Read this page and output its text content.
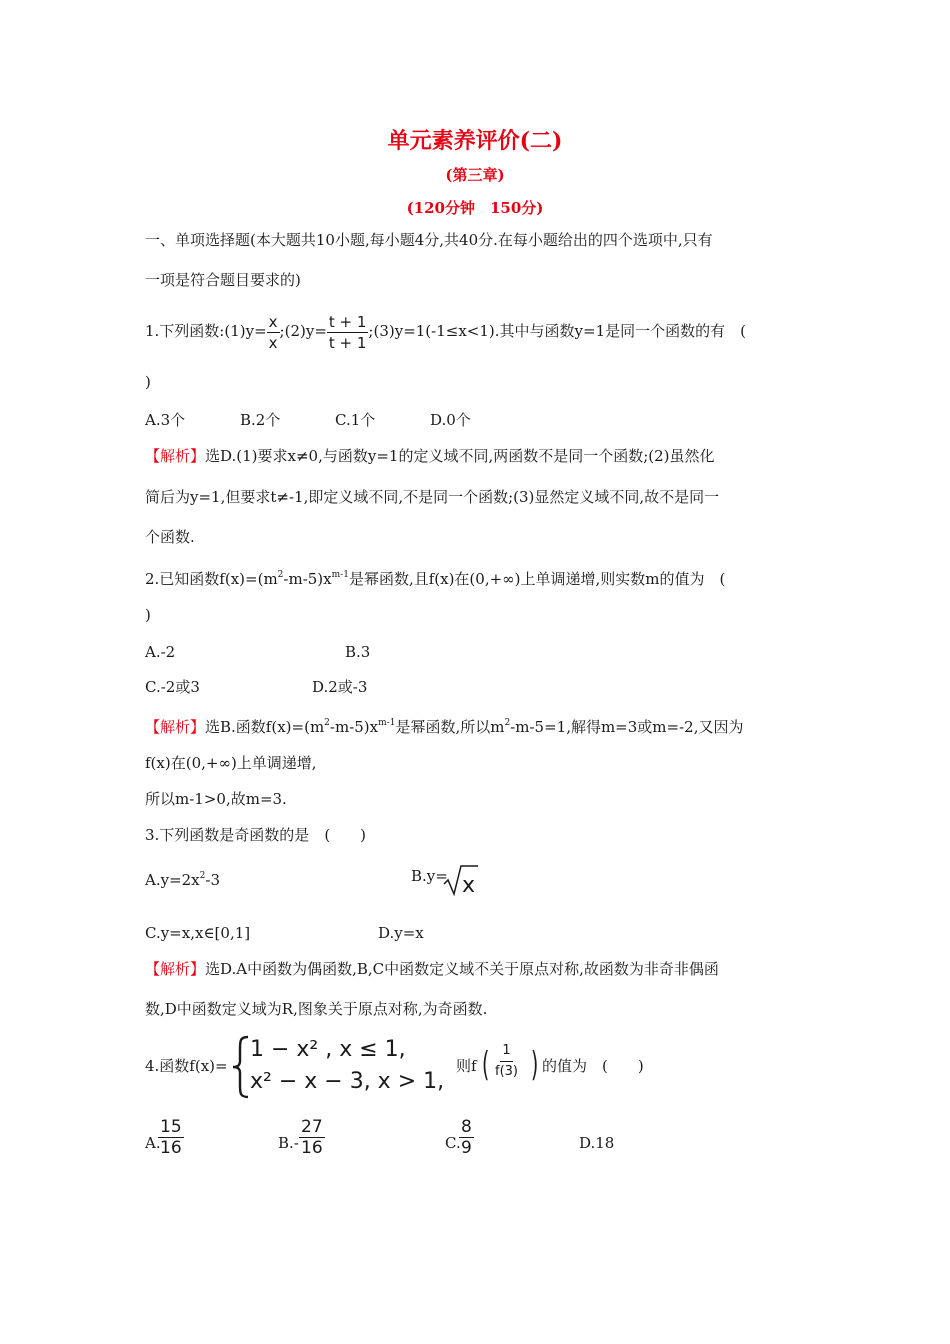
单元素养评价(二)
(第三章)
(120分钟　150分)
一、单项选择题(本大题共10小题,每小题4分,共40分.在每小题给出的四个选项中,只有
一项是符合题目要求的)
1.下列函数:(1)y= $\frac{x}{x}$ ;(2)y= $\frac{t + 1}{t + 1}$ ;(3)y=1(-1≤x<1).其中与函数y=1是同一个函数的有　(
)
A.3个	B.2个	C.1个	D.0个
【解析】选D.(1)要求x≠0,与函数y=1的定义域不同,两函数不是同一个函数;(2)虽然化
简后为y=1,但要求t≠-1,即定义域不同,不是同一个函数;(3)显然定义域不同,故不是同一
个函数.
2.已知函数$f(x)=(m^2-m-5)x^{m-1}$是幂函数,且f(x)在(0,+∞)上单调递增,则实数m的值为　(
)
A.-2	B.3
C.-2或3	D.2或-3
【解析】选B.函数$f(x)=(m^2-m-5)x^{m-1}$是幂函数,所以$m^2-m-5=1$,解得m=3或m=-2,又因为
f(x)在(0,+∞)上单调递增,
所以m-1>0,故m=3.
3.下列函数是奇函数的是　(　　)
$A.y=2x^2-3$	B.y= x
C.y=x,x∈[0,1]	D.y=x
【解析】选D.A中函数为偶函数,B,C中函数定义域不关于原点对称,故函数为非奇非偶函
数,D中函数定义域为R,图象关于原点对称,为奇函数.
4.函数f(x)=
1 − x² , x ≤ 1,
x² − x − 3, x > 1,
则f ( $\frac{1}{f(3)}$ ) 的值为　(　　)
A.
$\frac{15}{16}$	$B.- \frac{27}{16}$	C.
$\frac{8}{9}$	D.18
